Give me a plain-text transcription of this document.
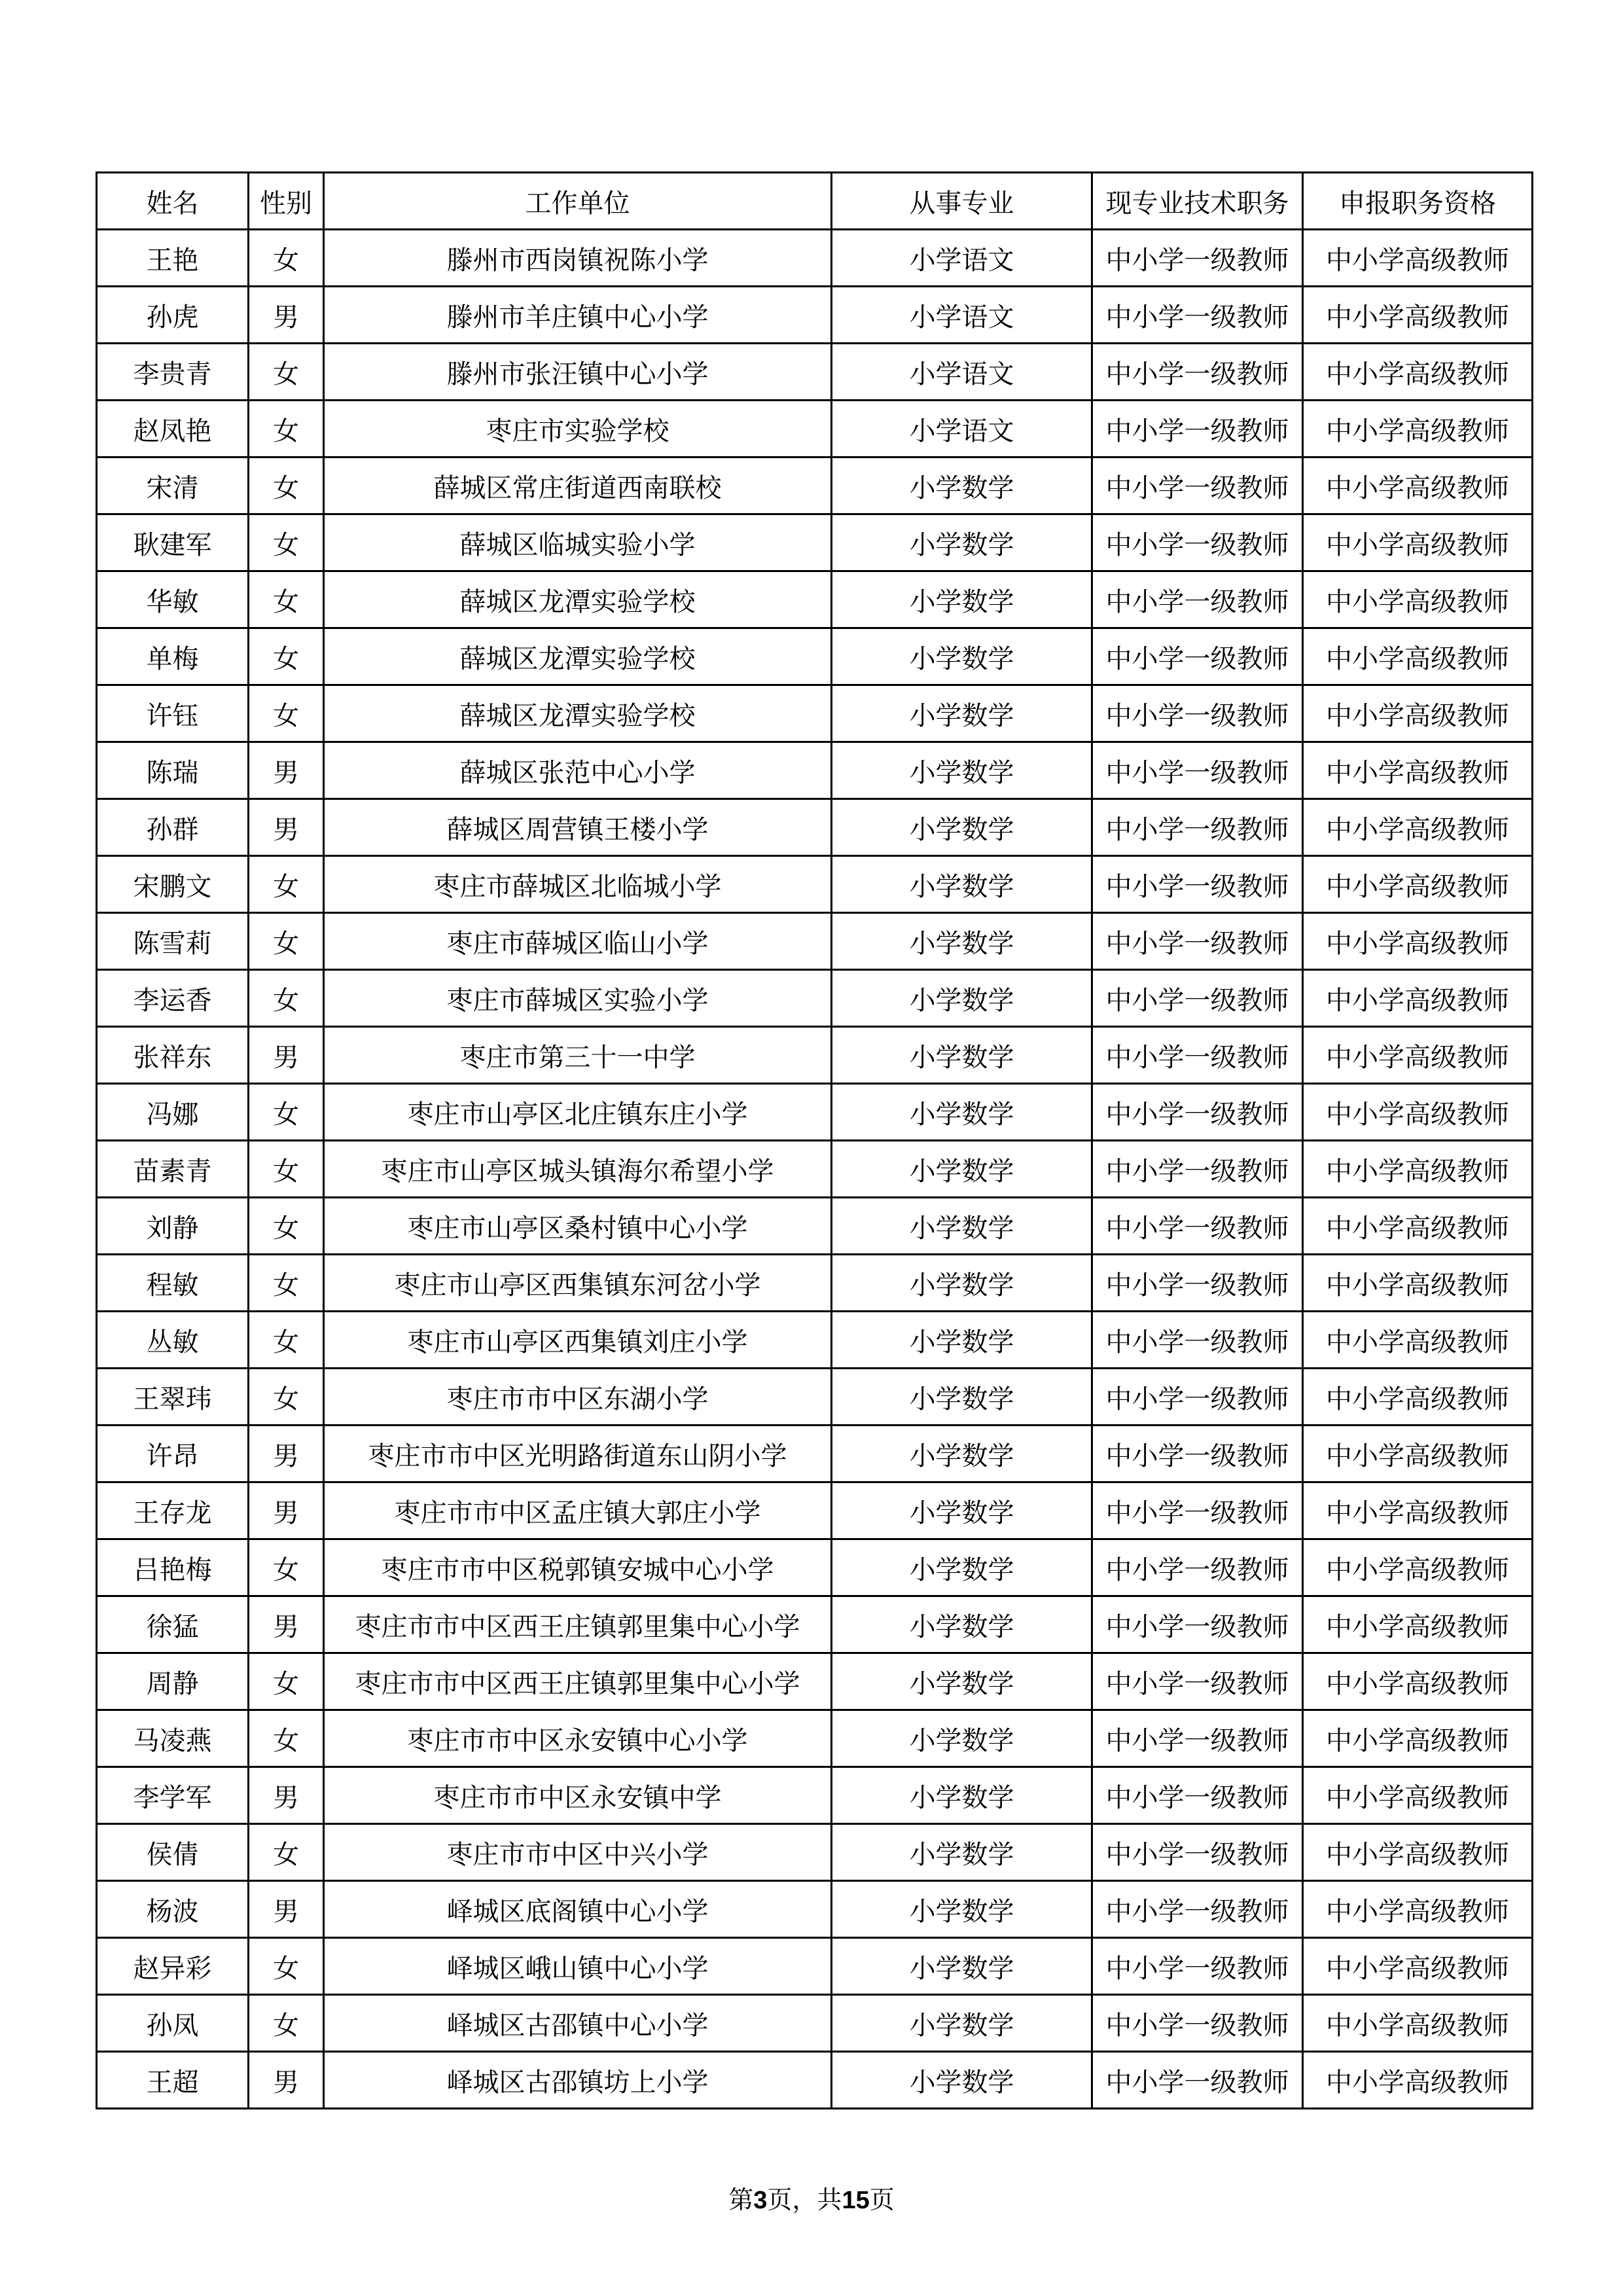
姓名	性别	工作单位	从事专业	现专业技术职务	申报职务资格
王艳	女	滕州市西岗镇祝陈小学	小学语文	中小学一级教师	中小学高级教师
孙虎	男	滕州市羊庄镇中心小学	小学语文	中小学一级教师	中小学高级教师
李贵青	女	滕州市张汪镇中心小学	小学语文	中小学一级教师	中小学高级教师
赵凤艳	女	枣庄市实验学校	小学语文	中小学一级教师	中小学高级教师
宋清	女	薛城区常庄街道西南联校	小学数学	中小学一级教师	中小学高级教师
耿建军	女	薛城区临城实验小学	小学数学	中小学一级教师	中小学高级教师
华敏	女	薛城区龙潭实验学校	小学数学	中小学一级教师	中小学高级教师
单梅	女	薛城区龙潭实验学校	小学数学	中小学一级教师	中小学高级教师
许钰	女	薛城区龙潭实验学校	小学数学	中小学一级教师	中小学高级教师
陈瑞	男	薛城区张范中心小学	小学数学	中小学一级教师	中小学高级教师
孙群	男	薛城区周营镇王楼小学	小学数学	中小学一级教师	中小学高级教师
宋鹏文	女	枣庄市薛城区北临城小学	小学数学	中小学一级教师	中小学高级教师
陈雪莉	女	枣庄市薛城区临山小学	小学数学	中小学一级教师	中小学高级教师
李运香	女	枣庄市薛城区实验小学	小学数学	中小学一级教师	中小学高级教师
张祥东	男	枣庄市第三十一中学	小学数学	中小学一级教师	中小学高级教师
冯娜	女	枣庄市山亭区北庄镇东庄小学	小学数学	中小学一级教师	中小学高级教师
苗素青	女	枣庄市山亭区城头镇海尔希望小学	小学数学	中小学一级教师	中小学高级教师
刘静	女	枣庄市山亭区桑村镇中心小学	小学数学	中小学一级教师	中小学高级教师
程敏	女	枣庄市山亭区西集镇东河岔小学	小学数学	中小学一级教师	中小学高级教师
丛敏	女	枣庄市山亭区西集镇刘庄小学	小学数学	中小学一级教师	中小学高级教师
王翠玮	女	枣庄市市中区东湖小学	小学数学	中小学一级教师	中小学高级教师
许昂	男	枣庄市市中区光明路街道东山阴小学	小学数学	中小学一级教师	中小学高级教师
王存龙	男	枣庄市市中区孟庄镇大郭庄小学	小学数学	中小学一级教师	中小学高级教师
吕艳梅	女	枣庄市市中区税郭镇安城中心小学	小学数学	中小学一级教师	中小学高级教师
徐猛	男	枣庄市市中区西王庄镇郭里集中心小学	小学数学	中小学一级教师	中小学高级教师
周静	女	枣庄市市中区西王庄镇郭里集中心小学	小学数学	中小学一级教师	中小学高级教师
马凌燕	女	枣庄市市中区永安镇中心小学	小学数学	中小学一级教师	中小学高级教师
李学军	男	枣庄市市中区永安镇中学	小学数学	中小学一级教师	中小学高级教师
侯倩	女	枣庄市市中区中兴小学	小学数学	中小学一级教师	中小学高级教师
杨波	男	峄城区底阁镇中心小学	小学数学	中小学一级教师	中小学高级教师
赵异彩	女	峄城区峨山镇中心小学	小学数学	中小学一级教师	中小学高级教师
孙凤	女	峄城区古邵镇中心小学	小学数学	中小学一级教师	中小学高级教师
王超	男	峄城区古邵镇坊上小学	小学数学	中小学一级教师	中小学高级教师
第3页，共15页
